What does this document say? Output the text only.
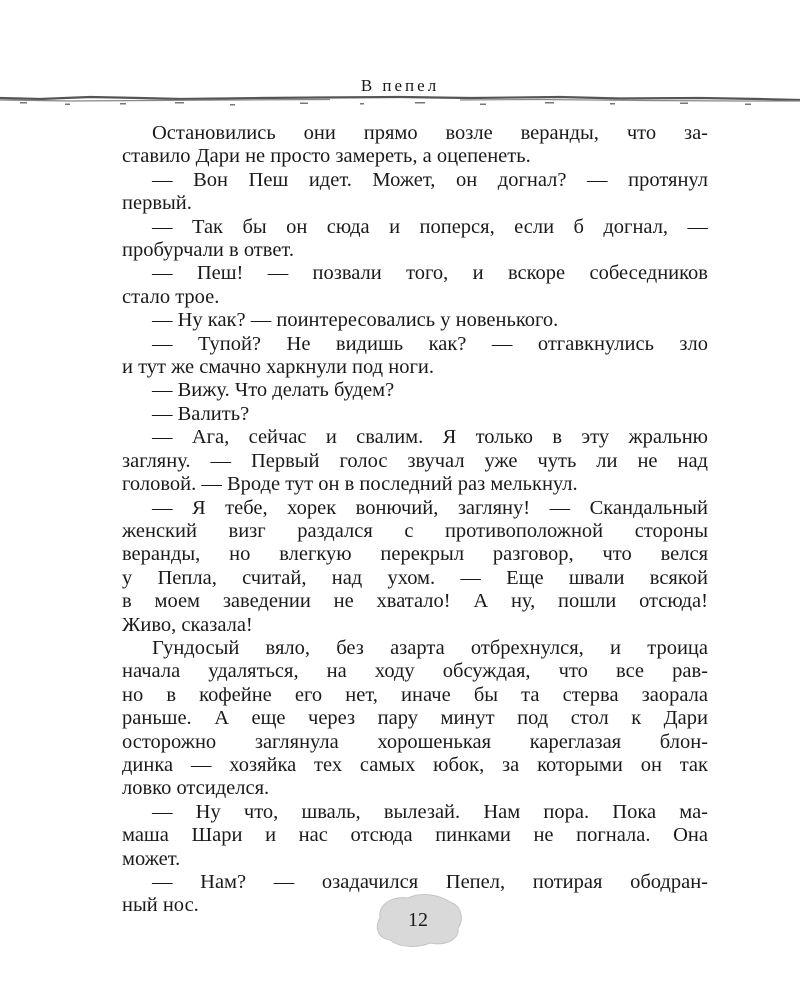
В пепел
Остановились они прямо возле веранды, что за-
ставило Дари не просто замереть, а оцепенеть.
— Вон Пеш идет. Может, он догнал? — протянул
первый.
— Так бы он сюда и поперся, если б догнал, —
пробурчали в ответ.
— Пеш! — позвали того, и вскоре собеседников
стало трое.
— Ну как? — поинтересовались у новенького.
— Тупой? Не видишь как? — отгавкнулись зло
и тут же смачно харкнули под ноги.
— Вижу. Что делать будем?
— Валить?
— Ага, сейчас и свалим. Я только в эту жральню
загляну. — Первый голос звучал уже чуть ли не над
головой. — Вроде тут он в последний раз мелькнул.
— Я тебе, хорек вонючий, загляну! — Скандальный
женский визг раздался с противоположной стороны
веранды, но влегкую перекрыл разговор, что велся
у Пепла, считай, над ухом. — Еще швали всякой
в моем заведении не хватало! А ну, пошли отсюда!
Живо, сказала!
Гундосый вяло, без азарта отбрехнулся, и троица
начала удаляться, на ходу обсуждая, что все рав-
но в кофейне его нет, иначе бы та стерва заорала
раньше. А еще через пару минут под стол к Дари
осторожно заглянула хорошенькая кареглазая блон-
динка — хозяйка тех самых юбок, за которыми он так
ловко отсиделся.
— Ну что, шваль, вылезай. Нам пора. Пока ма-
маша Шари и нас отсюда пинками не погнала. Она
может.
— Нам? — озадачился Пепел, потирая ободран-
ный нос.
12
